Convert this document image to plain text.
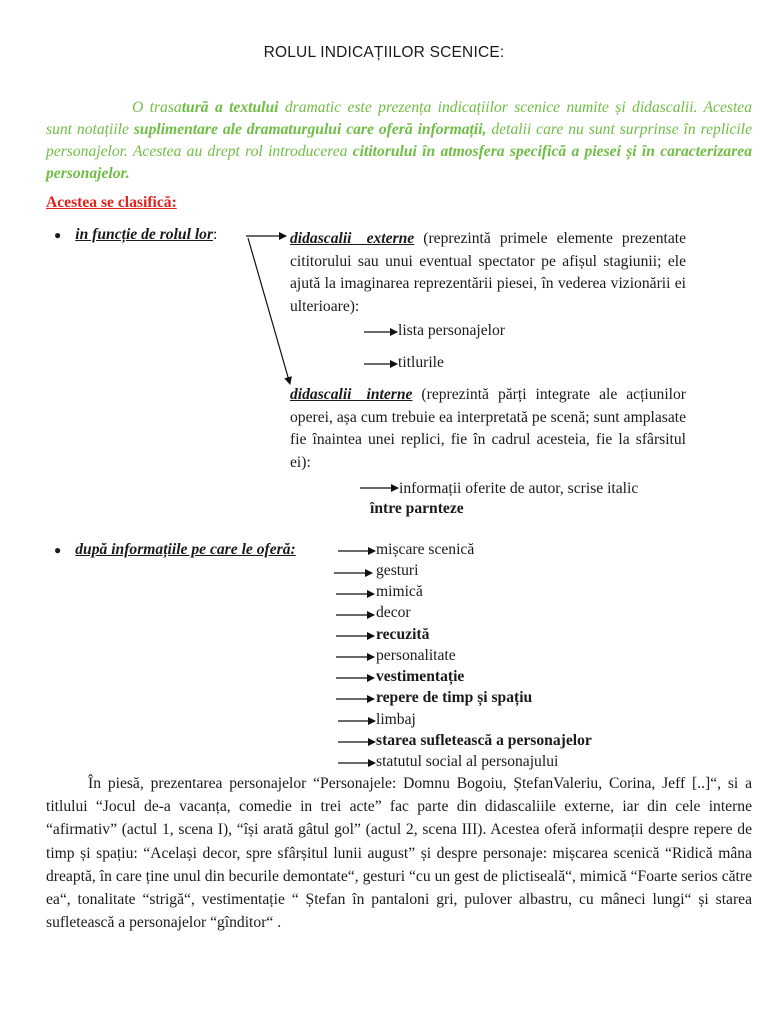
ROLUL INDICAȚIILOR SCENICE:
O trasatură a textului dramatic este prezența indicațiilor scenice numite și didascalii. Acestea sunt notațiile suplimentare ale dramaturgului care oferă informații, detalii care nu sunt surprinse în replicile personajelor. Acestea au drept rol introducerea cititorului în atmosfera specifică a piesei și în caracterizarea personajelor.
Acestea se clasifică:
● in funcție de rolul lor:	didascalii externe (reprezintă primele elemente prezentate cititorului sau unui eventual spectator pe afișul stagiunii; ele ajută la imaginarea reprezentării piesei, în vederea vizionării ei ulterioare):
lista personajelor
titlurile
didascalii interne (reprezintă părți integrate ale acțiunilor operei, așa cum trebuie ea interpretată pe scenă; sunt amplasate fie înaintea unei replici, fie în cadrul acesteia, fie la sfârsitul ei):
informații oferite de autor, scrise italic
între parnteze
● după informațiile pe care le oferă:	mișcare scenică
gesturi
mimică
decor
recuzită
personalitate
vestimentație
repere de timp și spațiu
limbaj
starea sufletească a personajelor
statutul social al personajului
În piesă, prezentarea personajelor “Personajele: Domnu Bogoiu, ȘtefanValeriu, Corina, Jeff [..]“, si a titlului “Jocul de-a vacanța, comedie in trei acte” fac parte din didascaliile externe, iar din cele interne “afirmativ” (actul 1, scena I), “își arată gâtul gol” (actul 2, scena III). Acestea oferă informații despre repere de timp și spațiu: “Același decor, spre sfârșitul lunii august” și despre personaje: mișcarea scenică “Ridică mâna dreaptă, în care ține unul din becurile demontate“, gesturi “cu un gest de plictiseală“, mimică “Foarte serios către ea“, tonalitate “strigă“, vestimentație “ Ștefan în pantaloni gri, pulover albastru, cu mâneci lungi“ și starea sufletească a personajelor “gînditor“ .
